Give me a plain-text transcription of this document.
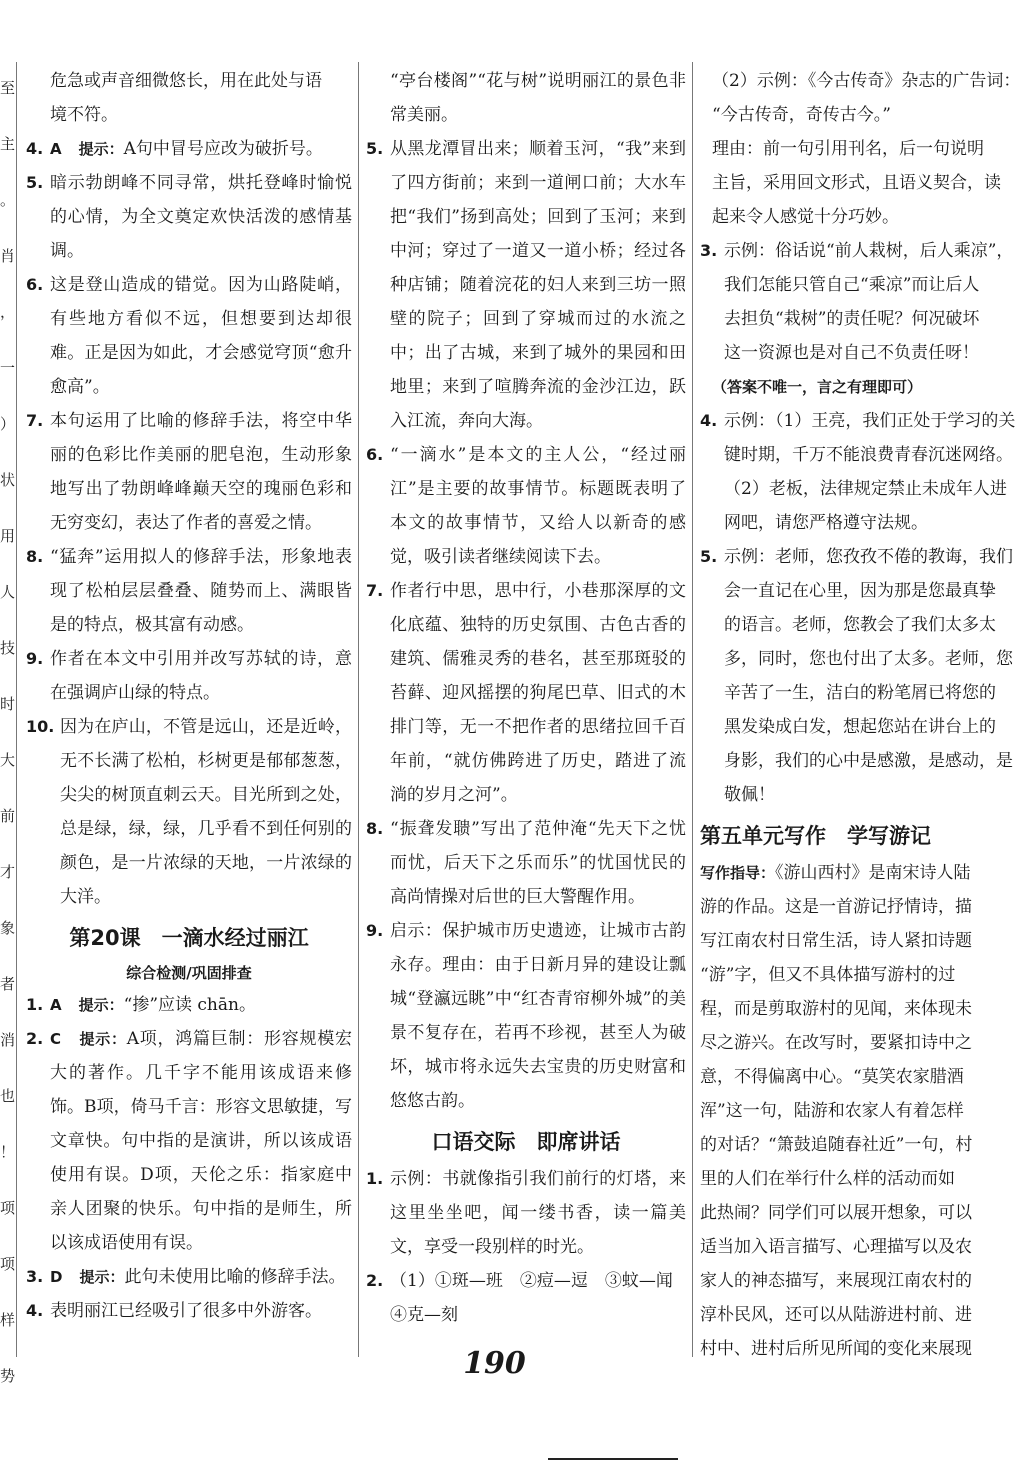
至
主
。
肖
，
一
）
状
用
人
技
时
大
前
才
象
者
消
也
！
项
项
样
势
危急或声音细微悠长，用在此处与语
境不符。
4. A　 提示：A句中冒号应改为破折号。
5. 暗示勃朗峰不同寻常，烘托登峰时愉悦的心情，为全文奠定欢快活泼的感情基调。
6. 这是登山造成的错觉。因为山路陡峭，有些地方看似不远，但想要到达却很难。正是因为如此，才会感觉穹顶“愈升愈高”。
7. 本句运用了比喻的修辞手法，将空中华丽的色彩比作美丽的肥皂泡，生动形象地写出了勃朗峰峰巅天空的瑰丽色彩和无穷变幻，表达了作者的喜爱之情。
8. “猛奔”运用拟人的修辞手法，形象地表现了松柏层层叠叠、随势而上、满眼皆是的特点，极其富有动感。
9. 作者在本文中引用并改写苏轼的诗，意在强调庐山绿的特点。
10. 因为在庐山，不管是远山，还是近岭，无不长满了松柏，杉树更是郁郁葱葱，尖尖的树顶直刺云天。目光所到之处，总是绿，绿，绿，几乎看不到任何别的颜色，是一片浓绿的天地，一片浓绿的大洋。
第20课　一滴水经过丽江
综合检测/巩固排查
1. A　 提示：“掺”应读 chān。
2. C　 提示：A项，鸿篇巨制：形容规模宏大的著作。几千字不能用该成语来修饰。B项，倚马千言：形容文思敏捷，写文章快。句中指的是演讲，所以该成语使用有误。D项，天伦之乐：指家庭中亲人团聚的快乐。句中指的是师生，所以该成语使用有误。
3. D　 提示：此句未使用比喻的修辞手法。
4. 表明丽江已经吸引了很多中外游客。
“亭台楼阁”“花与树”说明丽江的景色非常美丽。
5. 从黑龙潭冒出来；顺着玉河，“我”来到了四方街前；来到一道闸口前；大水车把“我们”扬到高处；回到了玉河；来到中河；穿过了一道又一道小桥；经过各种店铺；随着浣花的妇人来到三坊一照壁的院子；回到了穿城而过的水流之中；出了古城，来到了城外的果园和田地里；来到了喧腾奔流的金沙江边，跃入江流，奔向大海。
6. “一滴水”是本文的主人公，“经过丽江”是主要的故事情节。标题既表明了本文的故事情节，又给人以新奇的感觉，吸引读者继续阅读下去。
7. 作者行中思，思中行，小巷那深厚的文化底蕴、独特的历史氛围、古色古香的建筑、儒雅灵秀的巷名，甚至那斑驳的苔藓、迎风摇摆的狗尾巴草、旧式的木排门等，无一不把作者的思绪拉回千百年前，“就仿佛跨进了历史，踏进了流淌的岁月之河”。
8. “振聋发聩”写出了范仲淹“先天下之忧而忧，后天下之乐而乐”的忧国忧民的高尚情操对后世的巨大警醒作用。
9. 启示：保护城市历史遗迹，让城市古韵永存。理由：由于日新月异的建设让瓢城“登瀛远眺”中“红杏青帘柳外城”的美景不复存在，若再不珍视，甚至人为破坏，城市将永远失去宝贵的历史财富和悠悠古韵。
口语交际　即席讲话
1. 示例：书就像指引我们前行的灯塔，来这里坐坐吧，闻一缕书香，读一篇美文，享受一段别样的时光。
2. （1）①斑—班　②痘—逗　③蚊—闻
④克—刻
（2）示例：《今古传奇》杂志的广告词：
“今古传奇，奇传古今。”
理由：前一句引用刊名，后一句说明
主旨，采用回文形式，且语义契合，读
起来令人感觉十分巧妙。
3. 示例：俗话说“前人栽树，后人乘凉”，
我们怎能只管自己“乘凉”而让后人
去担负“栽树”的责任呢？何况破坏
这一资源也是对自己不负责任呀！
（答案不唯一，言之有理即可）
4. 示例：（1）王亮，我们正处于学习的关
键时期，千万不能浪费青春沉迷网络。
（2）老板，法律规定禁止未成年人进
网吧，请您严格遵守法规。
5. 示例：老师，您孜孜不倦的教诲，我们
会一直记在心里，因为那是您最真挚
的语言。老师，您教会了我们太多太
多，同时，您也付出了太多。老师，您
辛苦了一生，洁白的粉笔屑已将您的
黑发染成白发，想起您站在讲台上的
身影，我们的心中是感激，是感动，是
敬佩！
第五单元写作　学写游记
写作指导：《游山西村》是南宋诗人陆
游的作品。这是一首游记抒情诗，描
写江南农村日常生活，诗人紧扣诗题
“游”字，但又不具体描写游村的过
程，而是剪取游村的见闻，来体现未
尽之游兴。在改写时，要紧扣诗中之
意，不得偏离中心。“莫笑农家腊酒
浑”这一句，陆游和农家人有着怎样
的对话？“箫鼓追随春社近”一句，村
里的人们在举行什么样的活动而如
此热闹？同学们可以展开想象，可以
适当加入语言描写、心理描写以及农
家人的神态描写，来展现江南农村的
淳朴民风，还可以从陆游进村前、进
村中、进村后所见所闻的变化来展现
190
